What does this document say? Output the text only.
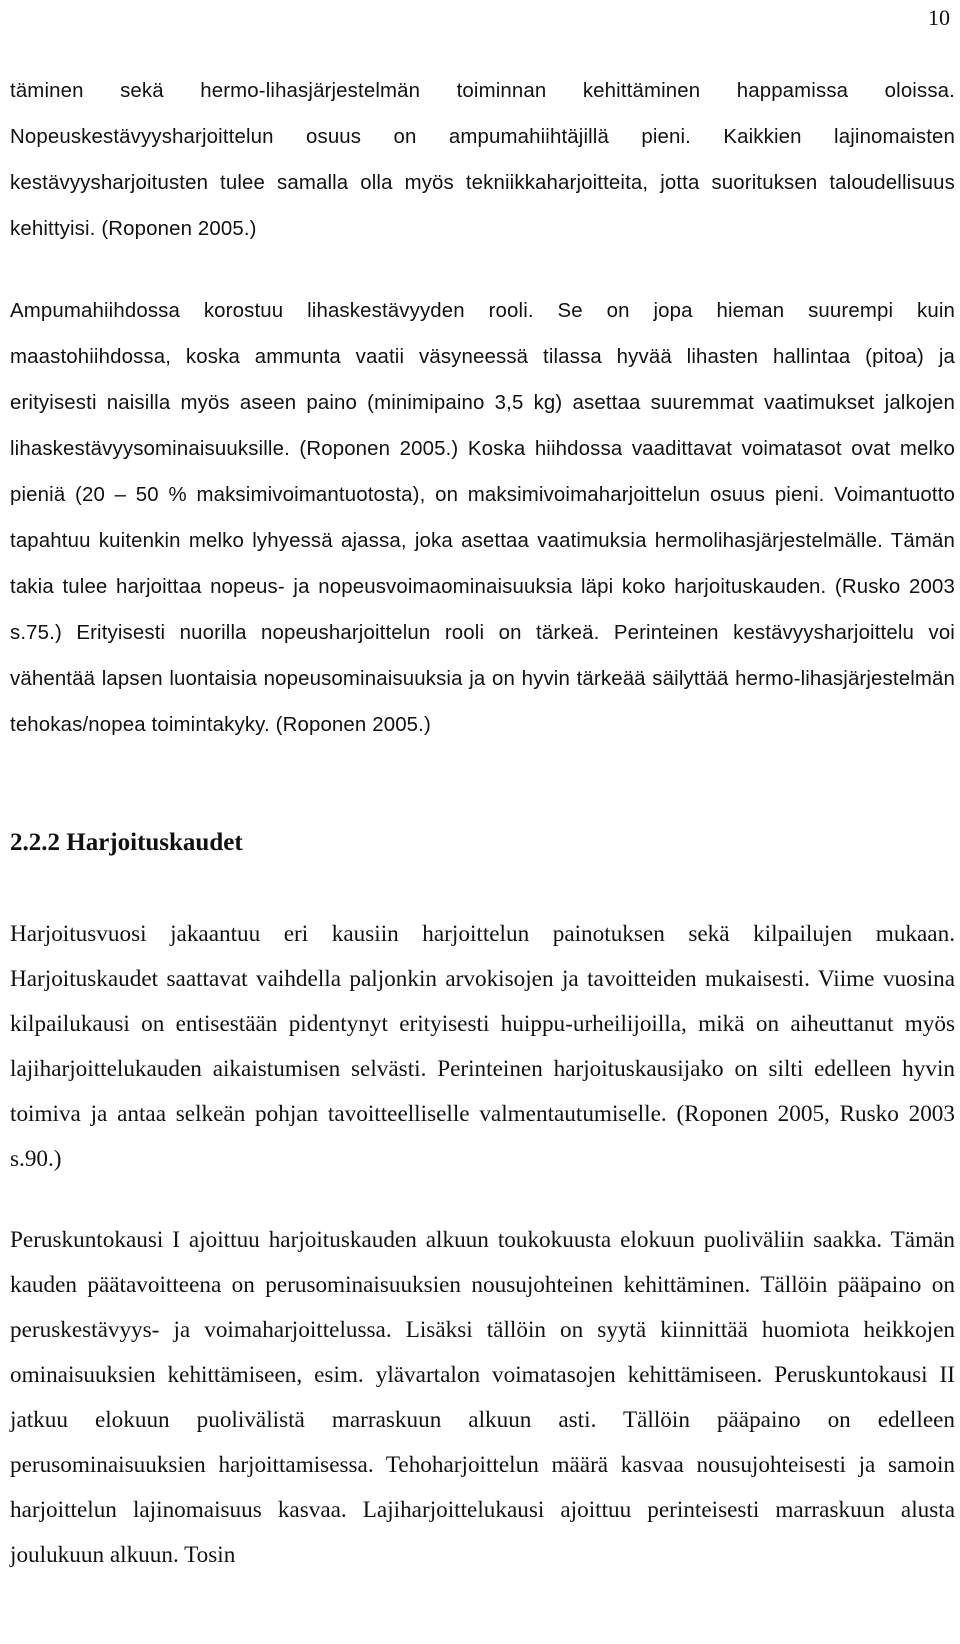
10

täminen sekä hermo-lihasjärjestelmän toiminnan kehittäminen happamissa oloissa. Nopeuskestävyysharjoittelun osuus on ampumahiihtäjillä pieni. Kaikkien lajinomaisten kestävyysharjoitusten tulee samalla olla myös tekniikkaharjoitteita, jotta suorituksen taloudellisuus kehittyisi. (Roponen 2005.)

Ampumahiihdossa korostuu lihaskestävyyden rooli. Se on jopa hieman suurempi kuin maastohiihdossa, koska ammunta vaatii väsyneessä tilassa hyvää lihasten hallintaa (pitoa) ja erityisesti naisilla myös aseen paino (minimipaino 3,5 kg) asettaa suuremmat vaatimukset jalkojen lihaskestävyysominaisuuksille. (Roponen 2005.) Koska hiihdossa vaadittavat voimatasot ovat melko pieniä (20 – 50 % maksimivoimantuotosta), on maksimivoimaharjoittelun osuus pieni. Voimantuotto tapahtuu kuitenkin melko lyhyessä ajassa, joka asettaa vaatimuksia hermolihasjärjestelmälle. Tämän takia tulee harjoittaa nopeus- ja nopeusvoimaominaisuuksia läpi koko harjoituskauden. (Rusko 2003 s.75.) Erityisesti nuorilla nopeusharjoittelun rooli on tärkeä. Perinteinen kestävyysharjoittelu voi vähentää lapsen luontaisia nopeusominaisuuksia ja on hyvin tärkeää säilyttää hermo-lihasjärjestelmän tehokas/nopea toimintakyky. (Roponen 2005.)

2.2.2 Harjoituskaudet

Harjoitusvuosi jakaantuu eri kausiin harjoittelun painotuksen sekä kilpailujen mukaan. Harjoituskaudet saattavat vaihdella paljonkin arvokisojen ja tavoitteiden mukaisesti. Viime vuosina kilpailukausi on entisestään pidentynyt erityisesti huippu-urheilijoilla, mikä on aiheuttanut myös lajiharjoittelukauden aikaistumisen selvästi. Perinteinen harjoituskausijako on silti edelleen hyvin toimiva ja antaa selkeän pohjan tavoitteelliselle valmentautumiselle. (Roponen 2005, Rusko 2003 s.90.)

Peruskuntokausi I ajoittuu harjoituskauden alkuun toukokuusta elokuun puoliväliin saakka. Tämän kauden päätavoitteena on perusominaisuuksien nousujohteinen kehittäminen. Tällöin pääpaino on peruskestävyys- ja voimaharjoittelussa. Lisäksi tällöin on syytä kiinnittää huomiota heikkojen ominaisuuksien kehittämiseen, esim. ylävartalon voimatasojen kehittämiseen. Peruskuntokausi II jatkuu elokuun puolivälistä marraskuun alkuun asti. Tällöin pääpaino on edelleen perusominaisuuksien harjoittamisessa. Tehoharjoittelun määrä kasvaa nousujohteisesti ja samoin harjoittelun lajinomaisuus kasvaa. Lajiharjoittelukausi ajoittuu perinteisesti marraskuun alusta joulukuun alkuun. Tosin
